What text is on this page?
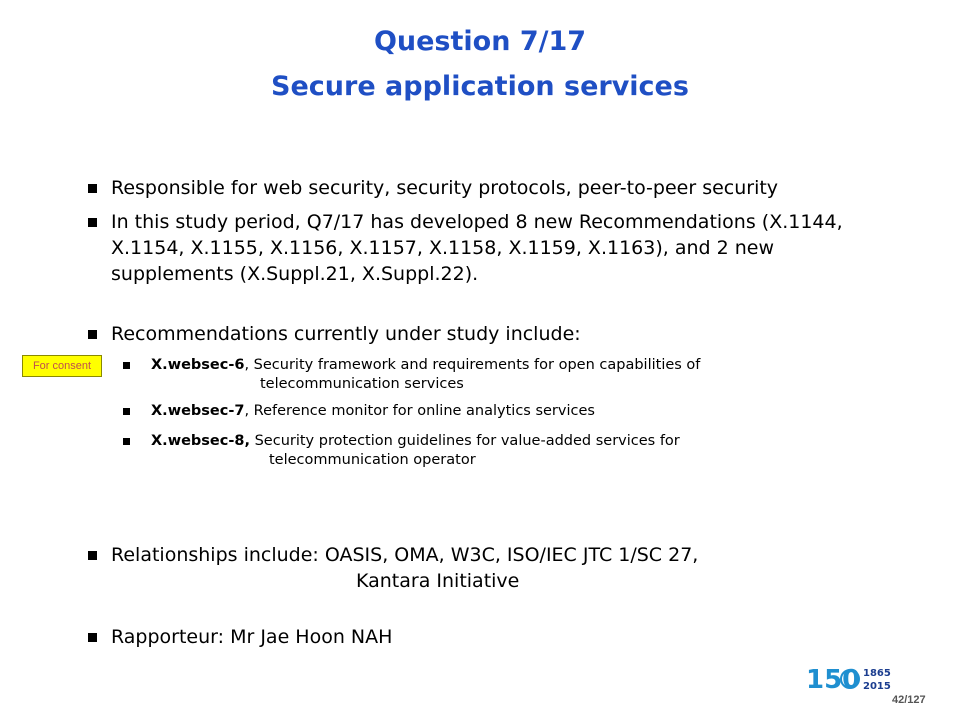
Question 7/17
Secure application services
Responsible for web security, security protocols, peer-to-peer security
In this study period, Q7/17 has developed 8 new Recommendations (X.1144,
X.1154, X.1155, X.1156, X.1157, X.1158, X.1159, X.1163), and 2 new
supplements (X.Suppl.21, X.Suppl.22).
Recommendations currently under study include:
For consent	X.websec-6, Security framework and requirements for open capabilities of
telecommunication services
X.websec-7, Reference monitor for online analytics services
X.websec-8, Security protection guidelines for value-added services for
telecommunication operator
Relationships include: OASIS, OMA, W3C, ISO/IEC JTC 1/SC 27,
Kantara Initiative
Rapporteur: Mr Jae Hoon NAH
150 1865
2015
42/127
